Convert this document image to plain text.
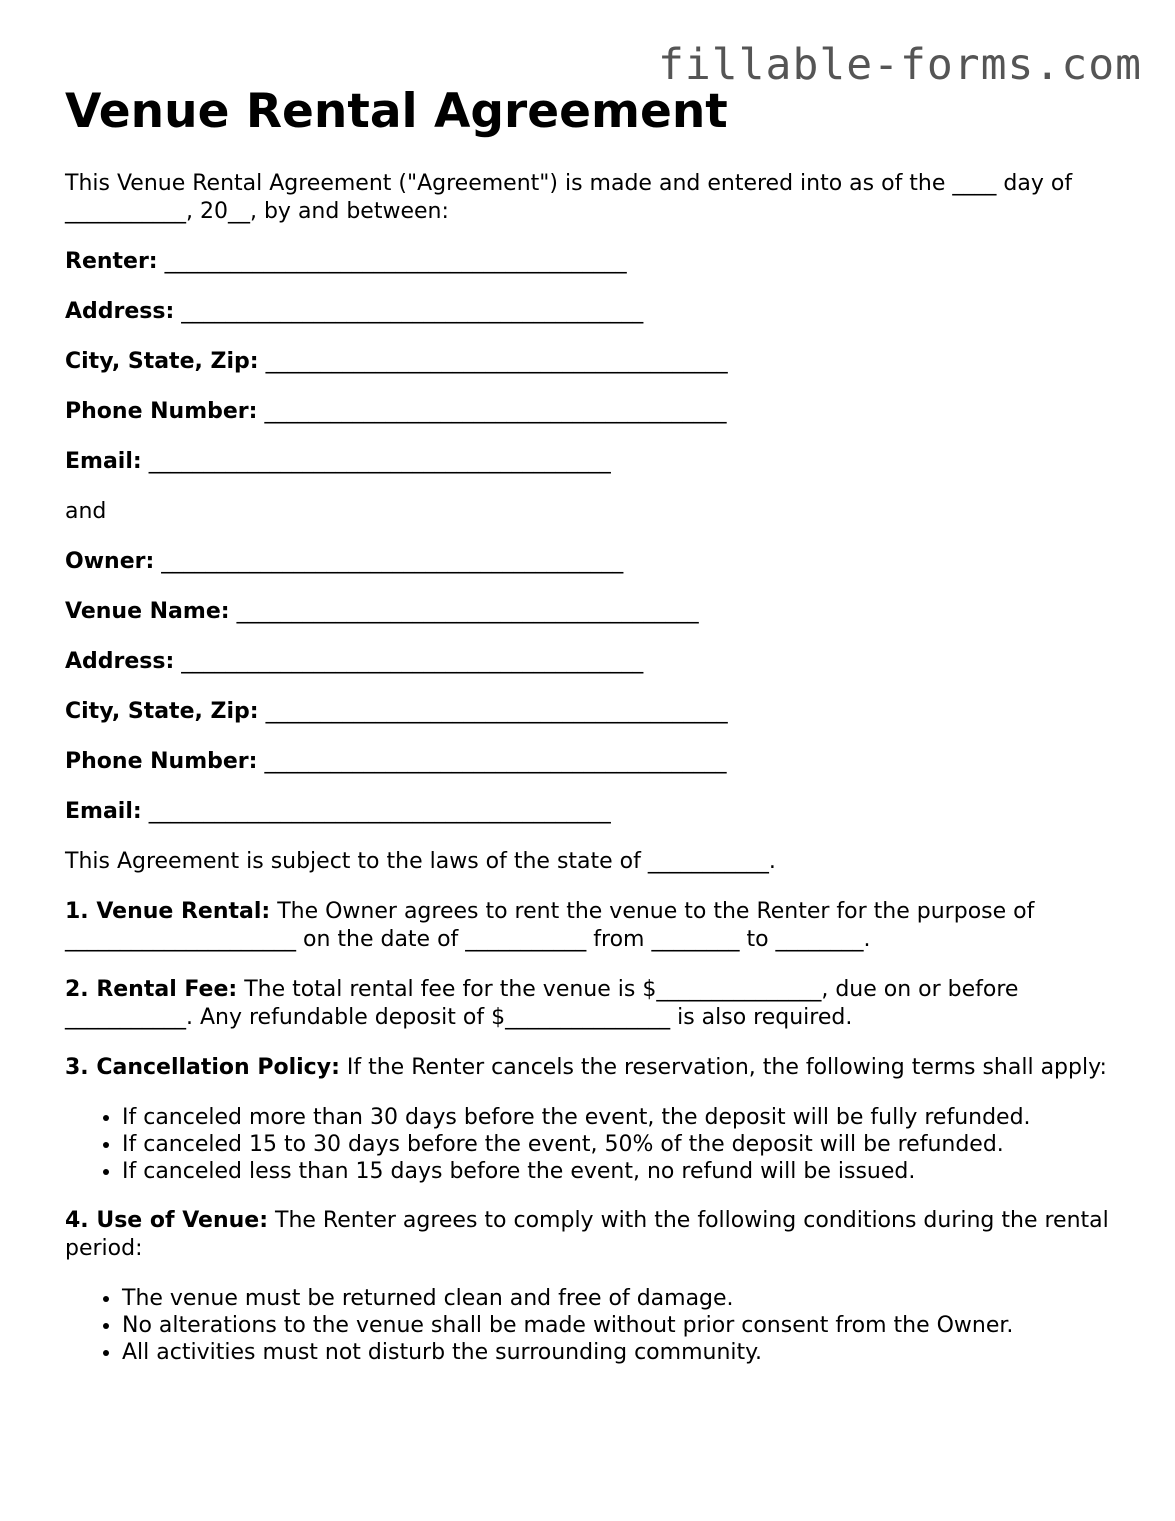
fillable-forms.com
Venue Rental Agreement

This Venue Rental Agreement ("Agreement") is made and entered into as of the ____ day of ___________, 20__, by and between:

Renter: __________________________________________

Address: __________________________________________

City, State, Zip: __________________________________________

Phone Number: __________________________________________

Email: __________________________________________

and

Owner: __________________________________________

Venue Name: __________________________________________

Address: __________________________________________

City, State, Zip: __________________________________________

Phone Number: __________________________________________

Email: __________________________________________

This Agreement is subject to the laws of the state of ___________.

1. Venue Rental: The Owner agrees to rent the venue to the Renter for the purpose of _____________________ on the date of ___________ from ________ to ________.

2. Rental Fee: The total rental fee for the venue is $_______________, due on or before ___________. Any refundable deposit of $_______________ is also required.

3. Cancellation Policy: If the Renter cancels the reservation, the following terms shall apply:

• If canceled more than 30 days before the event, the deposit will be fully refunded.
• If canceled 15 to 30 days before the event, 50% of the deposit will be refunded.
• If canceled less than 15 days before the event, no refund will be issued.

4. Use of Venue: The Renter agrees to comply with the following conditions during the rental period:

• The venue must be returned clean and free of damage.
• No alterations to the venue shall be made without prior consent from the Owner.
• All activities must not disturb the surrounding community.
